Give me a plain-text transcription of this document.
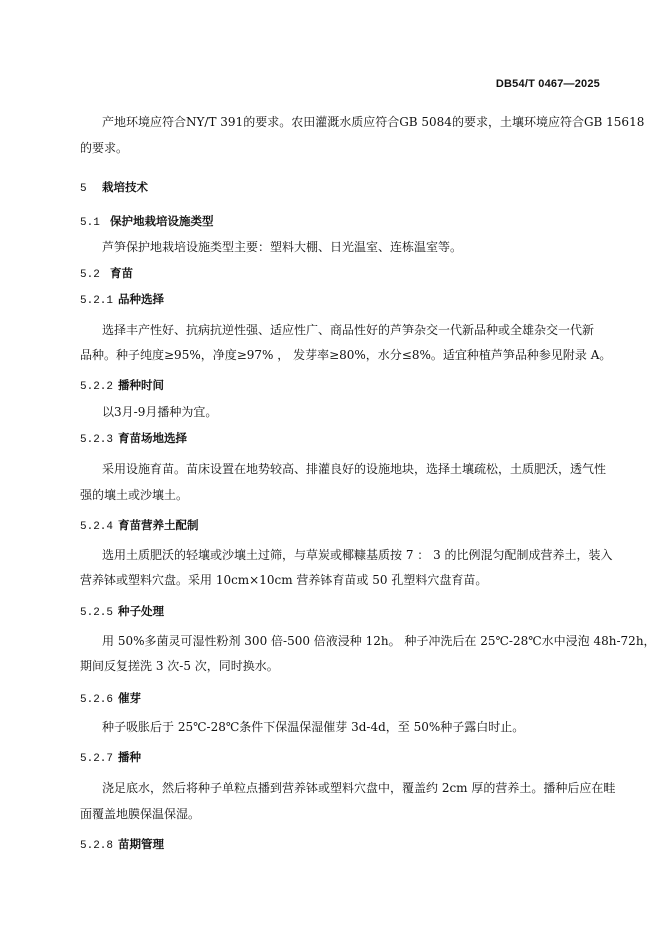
DB54/T 0467—2025
产地环境应符合NY/T 391的要求。农田灌溉水质应符合GB 5084的要求，土壤环境应符合GB 15618
的要求。
5 栽培技术
5.1 保护地栽培设施类型
芦笋保护地栽培设施类型主要：塑料大棚、日光温室、连栋温室等。
5.2 育苗
5.2.1 品种选择
选择丰产性好、抗病抗逆性强、适应性广、商品性好的芦笋杂交一代新品种或全雄杂交一代新
品种。种子纯度≥95%，净度≥97% ， 发芽率≥80%，水分≤8%。适宜种植芦笋品种参见附录 A。
5.2.2 播种时间
以3月-9月播种为宜。
5.2.3 育苗场地选择
采用设施育苗。苗床设置在地势较高、排灌良好的设施地块，选择土壤疏松，土质肥沃，透气性
强的壤土或沙壤土。
5.2.4 育苗营养土配制
选用土质肥沃的轻壤或沙壤土过筛，与草炭或椰糠基质按 7 ： 3 的比例混匀配制成营养土，装入
营养钵或塑料穴盘。采用 10cm×10cm 营养钵育苗或 50 孔塑料穴盘育苗。
5.2.5 种子处理
用 50%多菌灵可湿性粉剂 300 倍-500 倍液浸种 12h。 种子冲洗后在 25℃-28℃水中浸泡 48h-72h，
期间反复搓洗 3 次-5 次，同时换水。
5.2.6 催芽
种子吸胀后于 25℃-28℃条件下保温保湿催芽 3d-4d，至 50%种子露白时止。
5.2.7 播种
浇足底水，然后将种子单粒点播到营养钵或塑料穴盘中，覆盖约 2cm 厚的营养土。播种后应在畦
面覆盖地膜保温保湿。
5.2.8 苗期管理
